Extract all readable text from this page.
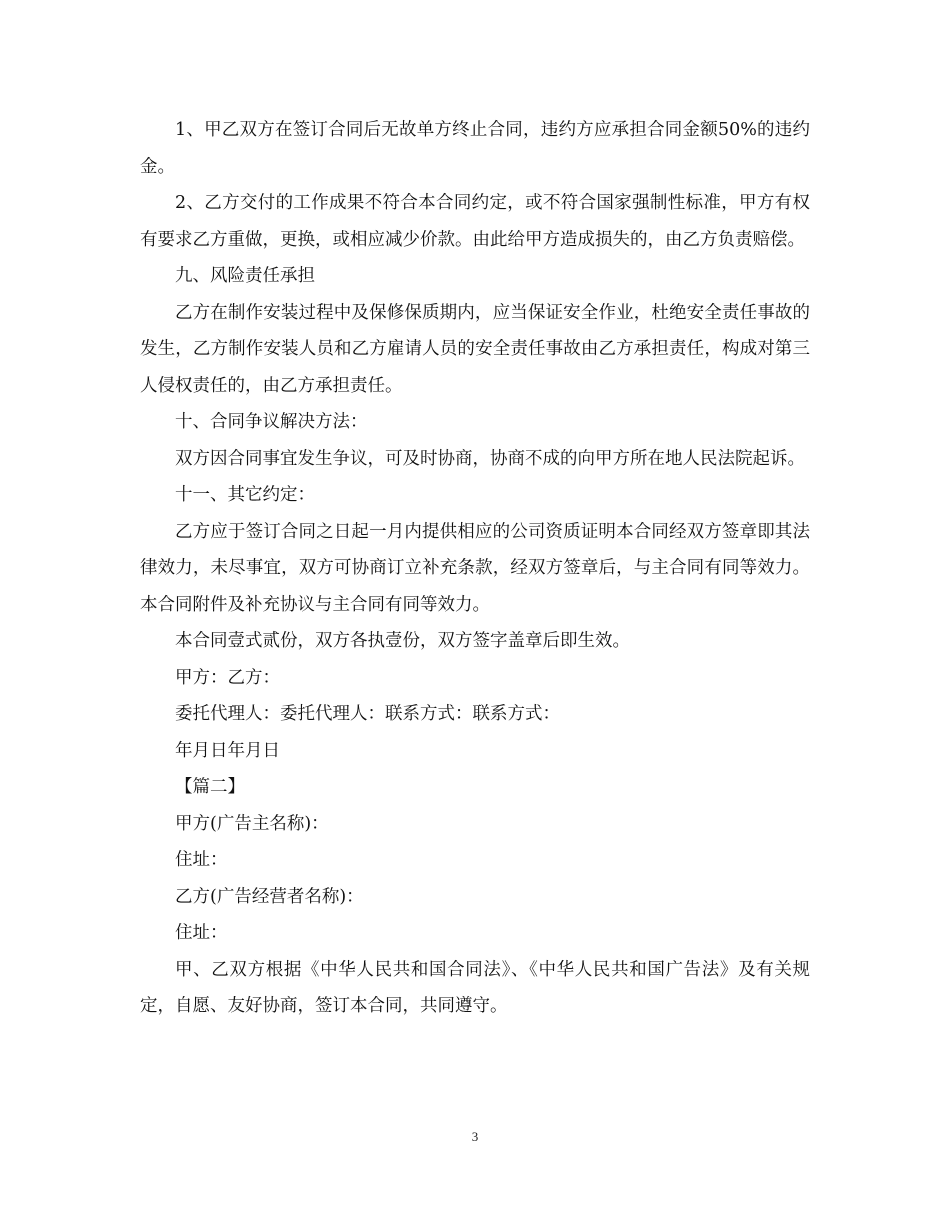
1、甲乙双方在签订合同后无故单方终止合同，违约方应承担合同金额50%的违约金。

2、乙方交付的工作成果不符合本合同约定，或不符合国家强制性标准，甲方有权有要求乙方重做，更换，或相应减少价款。由此给甲方造成损失的，由乙方负责赔偿。

九、风险责任承担

乙方在制作安装过程中及保修保质期内，应当保证安全作业，杜绝安全责任事故的发生，乙方制作安装人员和乙方雇请人员的安全责任事故由乙方承担责任，构成对第三人侵权责任的，由乙方承担责任。

十、合同争议解决方法：

双方因合同事宜发生争议，可及时协商，协商不成的向甲方所在地人民法院起诉。

十一、其它约定：

乙方应于签订合同之日起一月内提供相应的公司资质证明本合同经双方签章即其法律效力，未尽事宜，双方可协商订立补充条款，经双方签章后，与主合同有同等效力。本合同附件及补充协议与主合同有同等效力。

本合同壹式贰份，双方各执壹份，双方签字盖章后即生效。

甲方：乙方：

委托代理人：委托代理人：联系方式：联系方式：

年月日年月日

【篇二】

甲方(广告主名称)：

住址：

乙方(广告经营者名称)：

住址：

甲、乙双方根据《中华人民共和国合同法》、《中华人民共和国广告法》及有关规定，自愿、友好协商，签订本合同，共同遵守。

3
